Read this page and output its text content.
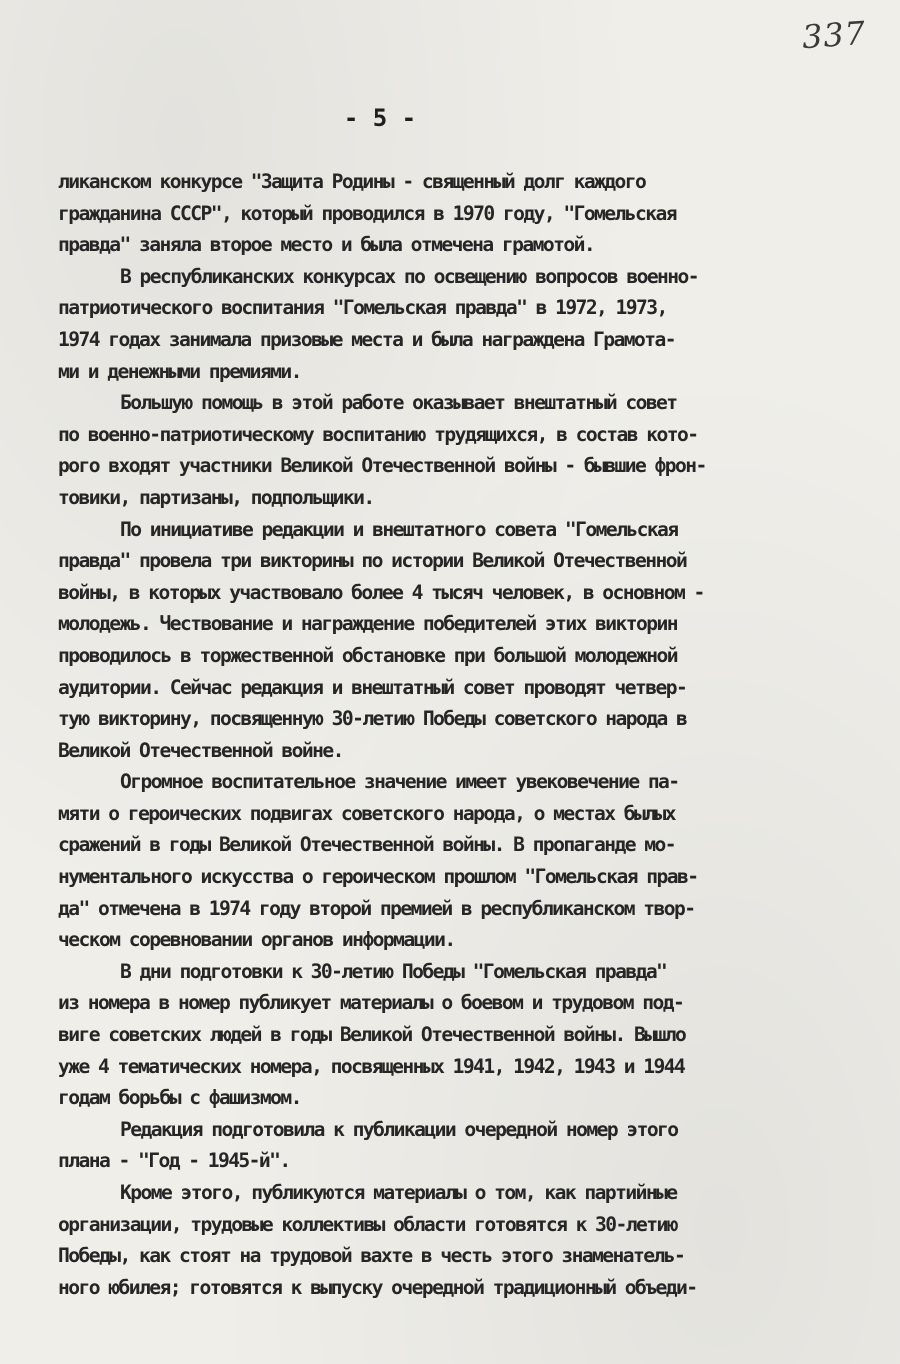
337
- 5 -
ликанском конкурсе "Защита Родины - священный долг каждого
гражданина СССР", который проводился в 1970 году, "Гомельская
правда" заняла второе место и была отмечена грамотой.
В республиканских конкурсах по освещению вопросов военно-
патриотического воспитания "Гомельская правда" в 1972, 1973,
1974 годах занимала призовые места и была награждена Грамота-
ми и денежными премиями.
Большую помощь в этой работе оказывает внештатный совет
по военно-патриотическому воспитанию трудящихся, в состав кото-
рого входят участники Великой Отечественной войны - бывшие фрон-
товики, партизаны, подпольщики.
По инициативе редакции и внештатного совета "Гомельская
правда" провела три викторины по истории Великой Отечественной
войны, в которых участвовало более 4 тысяч человек, в основном -
молодежь. Чествование и награждение победителей этих викторин
проводилось в торжественной обстановке при большой молодежной
аудитории. Сейчас редакция и внештатный совет проводят четвер-
тую викторину, посвященную 30-летию Победы советского народа в
Великой Отечественной войне.
Огромное воспитательное значение имеет увековечение па-
мяти о героических подвигах советского народа, о местах былых
сражений в годы Великой Отечественной войны. В пропаганде мо-
нументального искусства о героическом прошлом "Гомельская прав-
да" отмечена в 1974 году второй премией в республиканском твор-
ческом соревновании органов информации.
В дни подготовки к 30-летию Победы "Гомельская правда"
из номера в номер публикует материалы о боевом и трудовом под-
виге советских людей в годы Великой Отечественной войны. Вышло
уже 4 тематических номера, посвященных 1941, 1942, 1943 и 1944
годам борьбы с фашизмом.
Редакция подготовила к публикации очередной номер этого
плана - "Год - 1945-й".
Кроме этого, публикуются материалы о том, как партийные
организации, трудовые коллективы области готовятся к 30-летию
Победы, как стоят на трудовой вахте в честь этого знаменатель-
ного юбилея; готовятся к выпуску очередной традиционный объеди-
